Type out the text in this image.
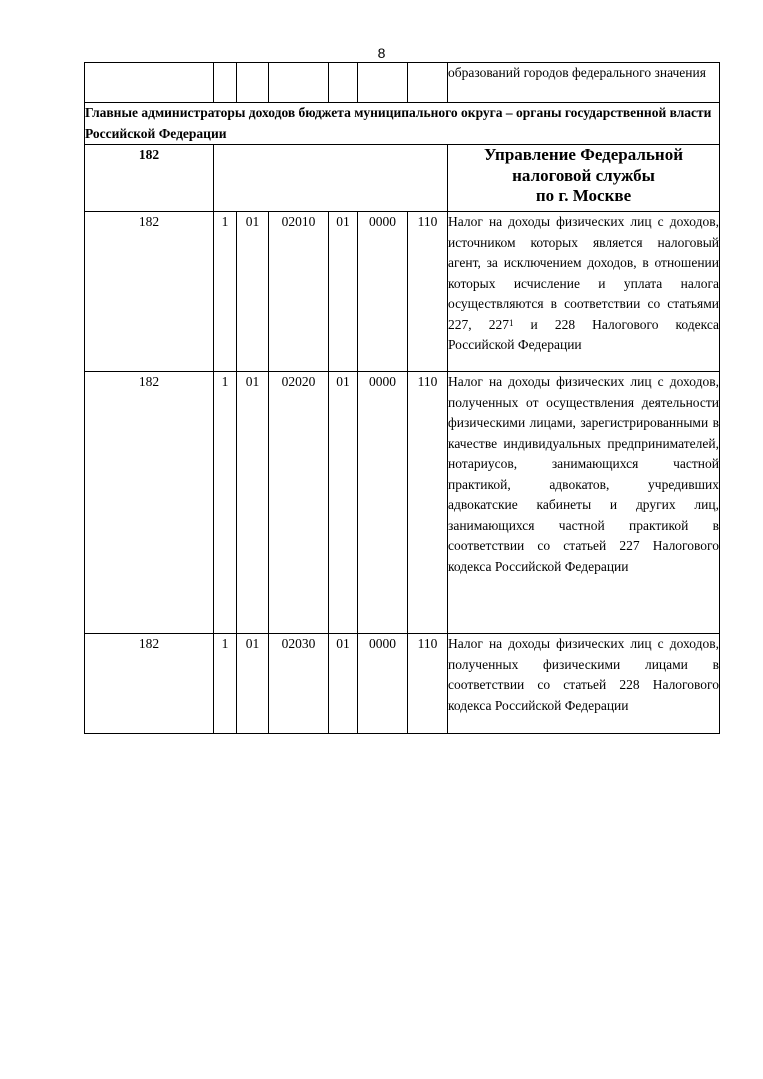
8
							образований городов федерального значения
Главные администраторы доходов бюджета муниципального округа – органы государственной власти Российской Федерации							
182							Управление Федеральной
налоговой службы
по г. Москве

182	1	01	02010	01	0000	110	Налог на доходы физических лиц с доходов, источником которых является налоговый агент, за исключением доходов, в отношении которых исчисление и уплата налога осуществляются в соответствии со статьями 227, $227^1$ и 228 Налогового кодекса Российской Федерации
182	1	01	02020	01	0000	110	Налог на доходы физических лиц с доходов, полученных от осуществления деятельности физическими лицами, зарегистрированными в качестве индивидуальных предпринимателей, нотариусов, занимающихся частной практикой, адвокатов, учредивших адвокатские кабинеты и других лиц, занимающихся частной практикой в соответствии со статьей 227 Налогового кодекса Российской Федерации
182	1	01	02030	01	0000	110	Налог на доходы физических лиц с доходов, полученных физическими лицами в соответствии со статьей 228 Налогового кодекса Российской Федерации
